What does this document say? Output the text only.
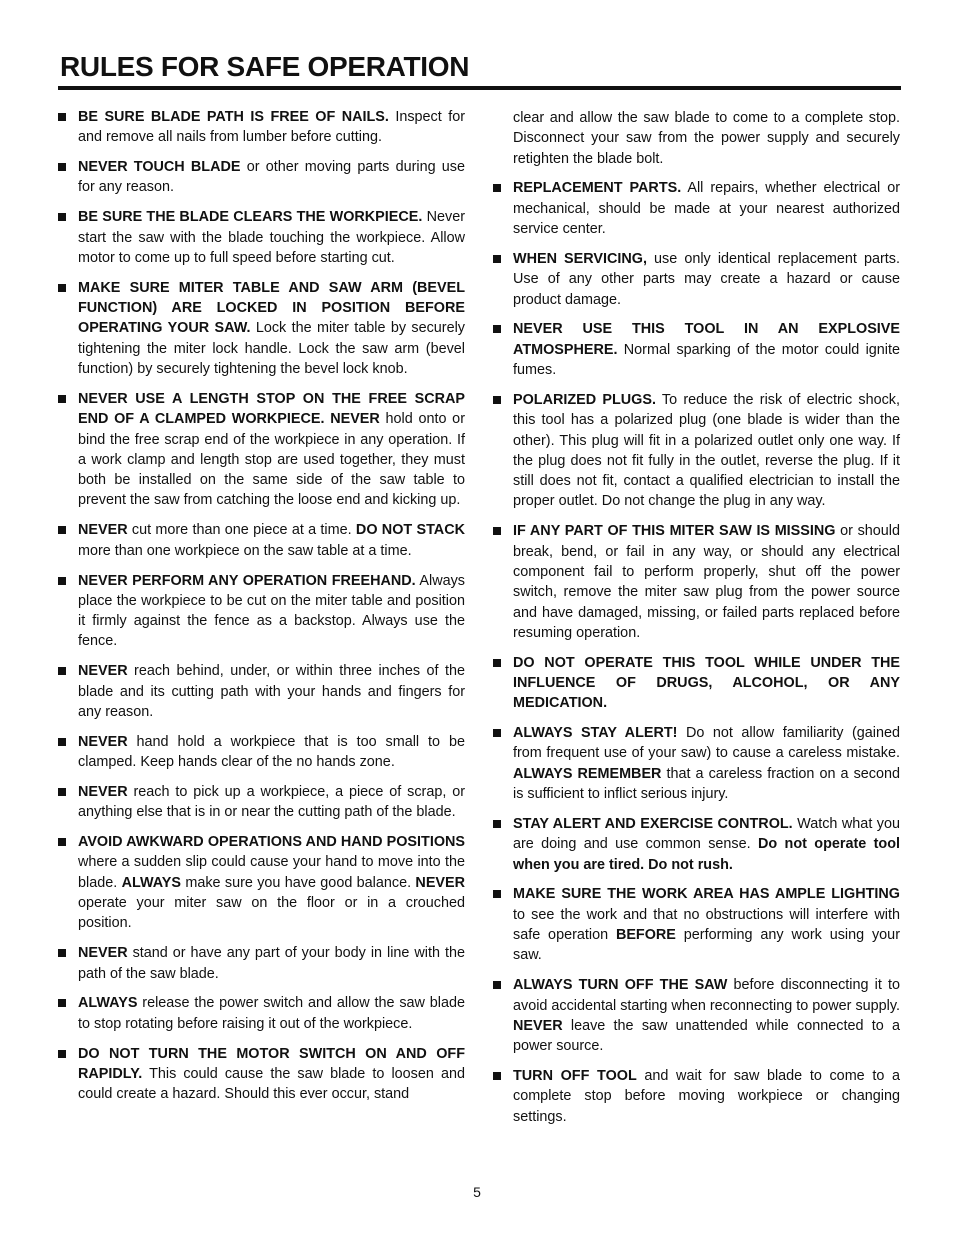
RULES FOR SAFE OPERATION
BE SURE BLADE PATH IS FREE OF NAILS. Inspect for and remove all nails from lumber before cutting.
NEVER TOUCH BLADE or other moving parts during use for any reason.
BE SURE THE BLADE CLEARS THE WORKPIECE. Never start the saw with the blade touching the workpiece. Allow motor to come up to full speed before starting cut.
MAKE SURE MITER TABLE AND SAW ARM (BEVEL FUNCTION) ARE LOCKED IN POSITION BEFORE OPERATING YOUR SAW. Lock the miter table by securely tightening the miter lock handle. Lock the saw arm (bevel function) by securely tightening the bevel lock knob.
NEVER USE A LENGTH STOP ON THE FREE SCRAP END OF A CLAMPED WORKPIECE. NEVER hold onto or bind the free scrap end of the workpiece in any operation. If a work clamp and length stop are used together, they must both be installed on the same side of the saw table to prevent the saw from catching the loose end and kicking up.
NEVER cut more than one piece at a time. DO NOT STACK more than one workpiece on the saw table at a time.
NEVER PERFORM ANY OPERATION FREEHAND. Always place the workpiece to be cut on the miter table and position it firmly against the fence as a backstop. Always use the fence.
NEVER reach behind, under, or within three inches of the blade and its cutting path with your hands and fingers for any reason.
NEVER hand hold a workpiece that is too small to be clamped. Keep hands clear of the no hands zone.
NEVER reach to pick up a workpiece, a piece of scrap, or anything else that is in or near the cutting path of the blade.
AVOID AWKWARD OPERATIONS AND HAND POSITIONS where a sudden slip could cause your hand to move into the blade. ALWAYS make sure you have good balance. NEVER operate your miter saw on the floor or in a crouched position.
NEVER stand or have any part of your body in line with the path of the saw blade.
ALWAYS release the power switch and allow the saw blade to stop rotating before raising it out of the workpiece.
DO NOT TURN THE MOTOR SWITCH ON AND OFF RAPIDLY. This could cause the saw blade to loosen and could create a hazard. Should this ever occur, stand
clear and allow the saw blade to come to a complete stop. Disconnect your saw from the power supply and securely retighten the blade bolt.
REPLACEMENT PARTS. All repairs, whether electrical or mechanical, should be made at your nearest authorized service center.
WHEN SERVICING, use only identical replacement parts. Use of any other parts may create a hazard or cause product damage.
NEVER USE THIS TOOL IN AN EXPLOSIVE ATMOSPHERE. Normal sparking of the motor could ignite fumes.
POLARIZED PLUGS. To reduce the risk of electric shock, this tool has a polarized plug (one blade is wider than the other). This plug will fit in a polarized outlet only one way. If the plug does not fit fully in the outlet, reverse the plug. If it still does not fit, contact a qualified electrician to install the proper outlet. Do not change the plug in any way.
IF ANY PART OF THIS MITER SAW IS MISSING or should break, bend, or fail in any way, or should any electrical component fail to perform properly, shut off the power switch, remove the miter saw plug from the power source and have damaged, missing, or failed parts replaced before resuming operation.
DO NOT OPERATE THIS TOOL WHILE UNDER THE INFLUENCE OF DRUGS, ALCOHOL, OR ANY MEDICATION.
ALWAYS STAY ALERT! Do not allow familiarity (gained from frequent use of your saw) to cause a careless mistake. ALWAYS REMEMBER that a careless fraction on a second is sufficient to inflict serious injury.
STAY ALERT AND EXERCISE CONTROL. Watch what you are doing and use common sense. Do not operate tool when you are tired. Do not rush.
MAKE SURE THE WORK AREA HAS AMPLE LIGHTING to see the work and that no obstructions will interfere with safe operation BEFORE performing any work using your saw.
ALWAYS TURN OFF THE SAW before disconnecting it to avoid accidental starting when reconnecting to power supply. NEVER leave the saw unattended while connected to a power source.
TURN OFF TOOL and wait for saw blade to come to a complete stop before moving workpiece or changing settings.
5
